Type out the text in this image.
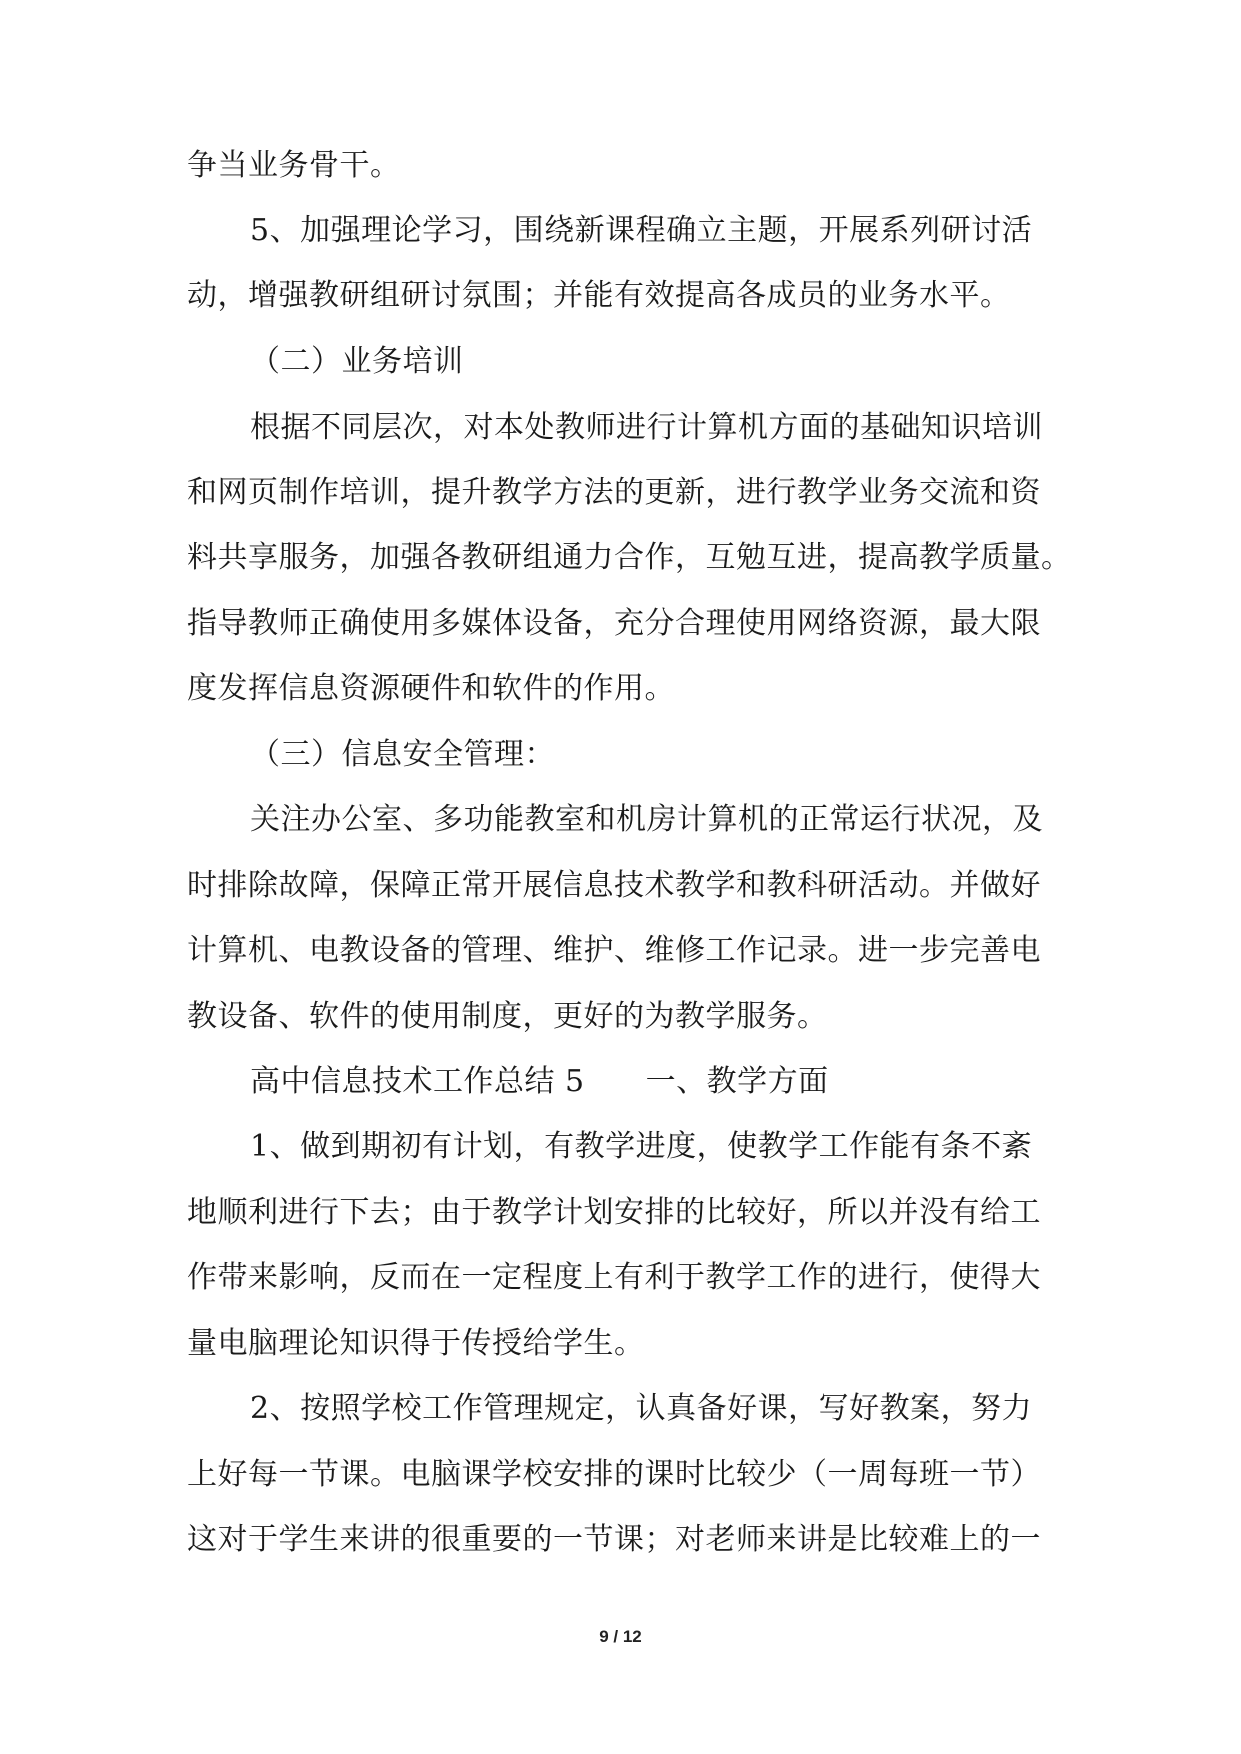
争当业务骨干。
5、加强理论学习，围绕新课程确立主题，开展系列研讨活
动，增强教研组研讨氛围；并能有效提高各成员的业务水平。
（二）业务培训
根据不同层次，对本处教师进行计算机方面的基础知识培训
和网页制作培训，提升教学方法的更新，进行教学业务交流和资
料共享服务，加强各教研组通力合作，互勉互进，提高教学质量。
指导教师正确使用多媒体设备，充分合理使用网络资源，最大限
度发挥信息资源硬件和软件的作用。
（三）信息安全管理：
关注办公室、多功能教室和机房计算机的正常运行状况，及
时排除故障，保障正常开展信息技术教学和教科研活动。并做好
计算机、电教设备的管理、维护、维修工作记录。进一步完善电
教设备、软件的使用制度，更好的为教学服务。
高中信息技术工作总结 5　　一、教学方面
1、做到期初有计划，有教学进度，使教学工作能有条不紊
地顺利进行下去；由于教学计划安排的比较好，所以并没有给工
作带来影响，反而在一定程度上有利于教学工作的进行，使得大
量电脑理论知识得于传授给学生。
2、按照学校工作管理规定，认真备好课，写好教案，努力
上好每一节课。电脑课学校安排的课时比较少（一周每班一节）
这对于学生来讲的很重要的一节课；对老师来讲是比较难上的一
9 / 12
